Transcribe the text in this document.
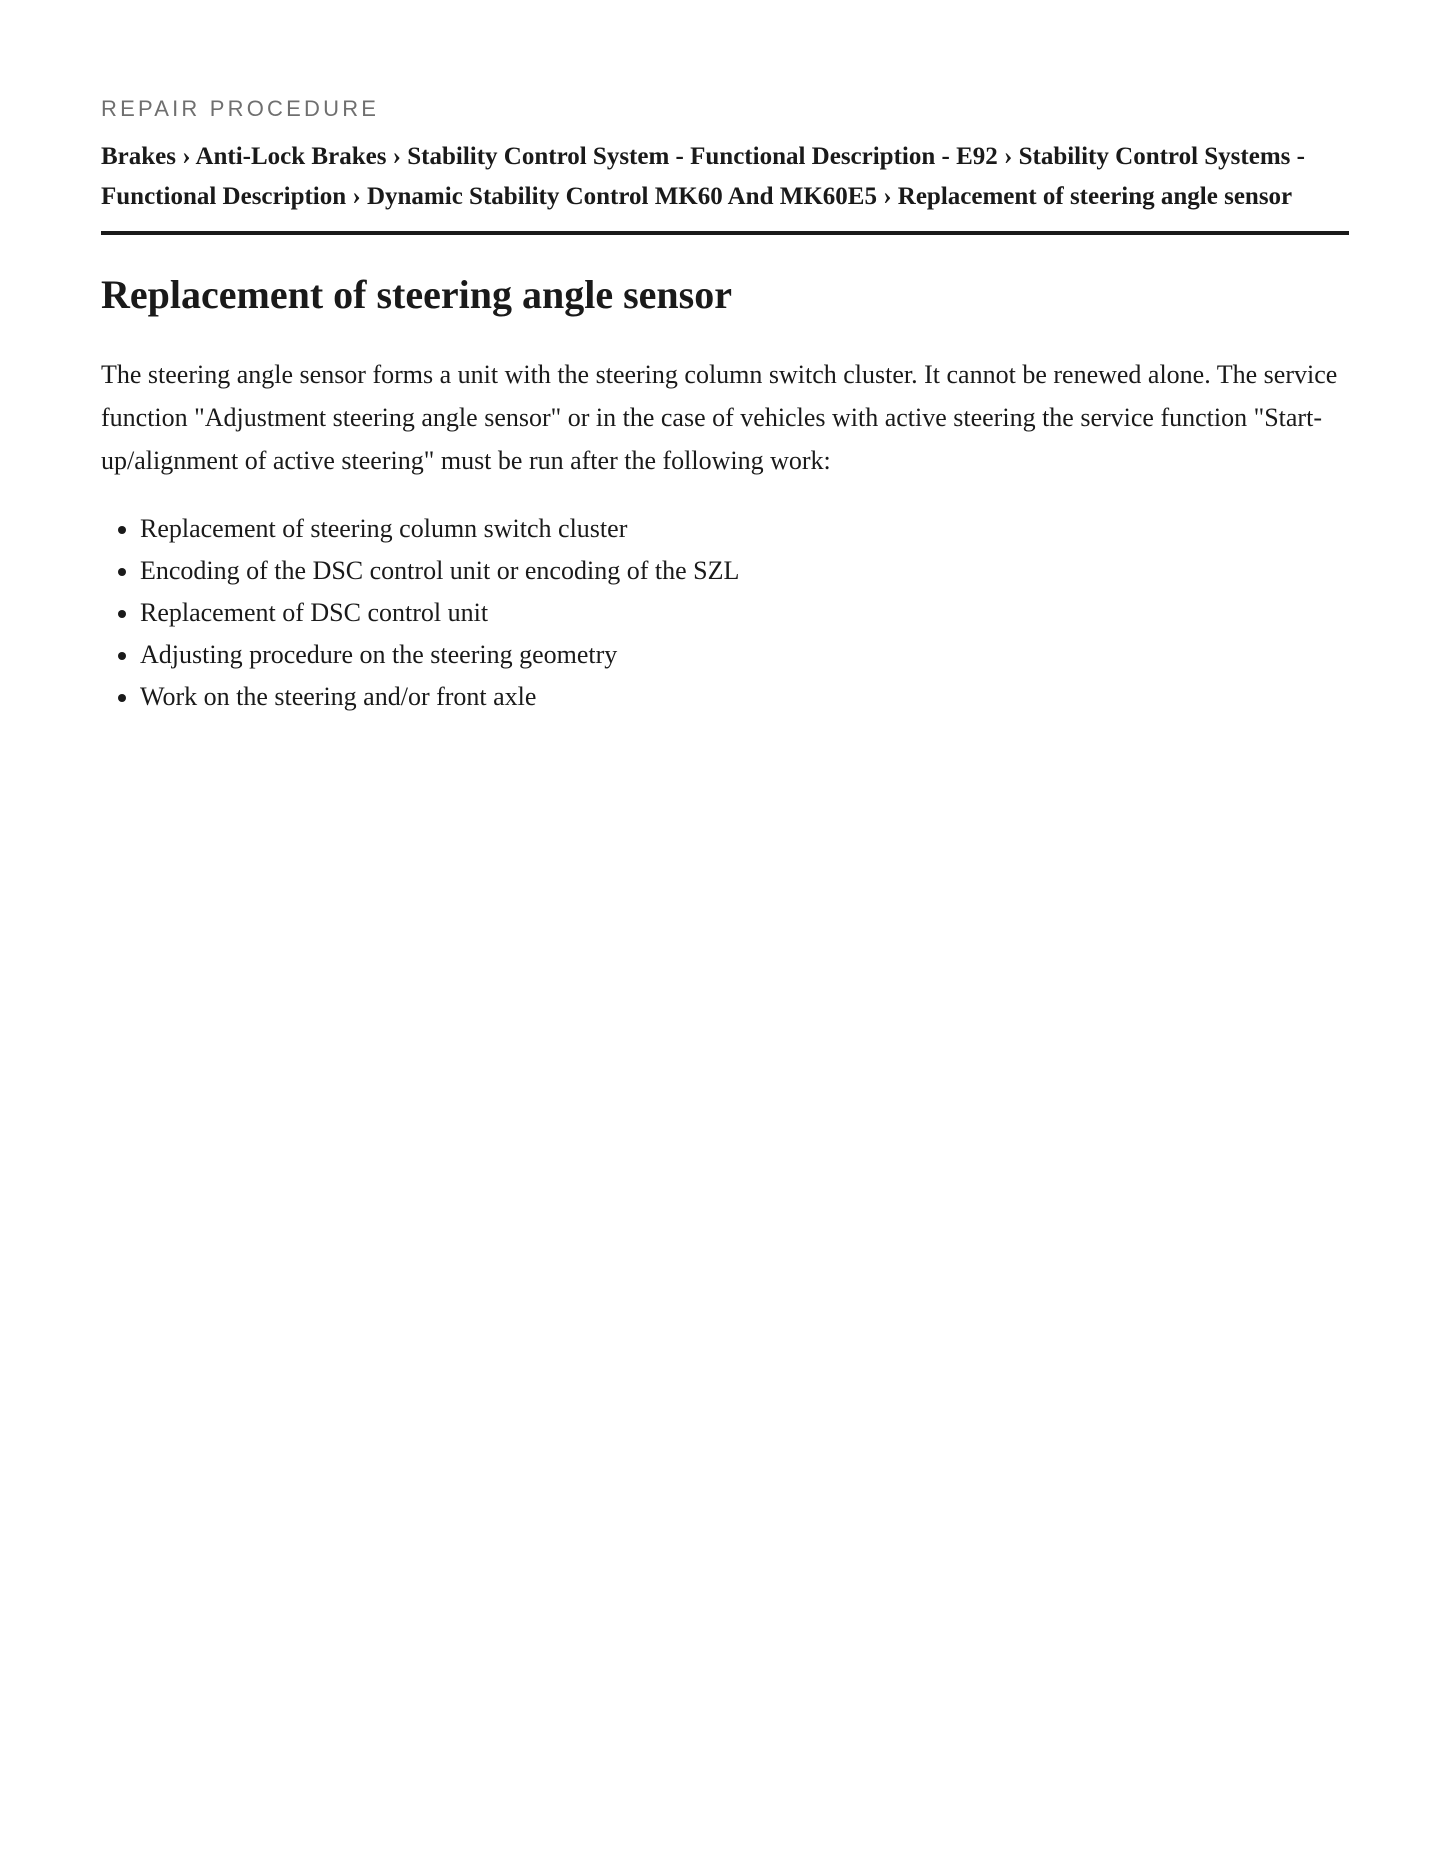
REPAIR PROCEDURE

Brakes › Anti-Lock Brakes › Stability Control System - Functional Description - E92 › Stability Control Systems - Functional Description › Dynamic Stability Control MK60 And MK60E5 › Replacement of steering angle sensor

Replacement of steering angle sensor

The steering angle sensor forms a unit with the steering column switch cluster. It cannot be renewed alone. The service function "Adjustment steering angle sensor" or in the case of vehicles with active steering the service function "Start-up/alignment of active steering" must be run after the following work:

• Replacement of steering column switch cluster
• Encoding of the DSC control unit or encoding of the SZL
• Replacement of DSC control unit
• Adjusting procedure on the steering geometry
• Work on the steering and/or front axle
